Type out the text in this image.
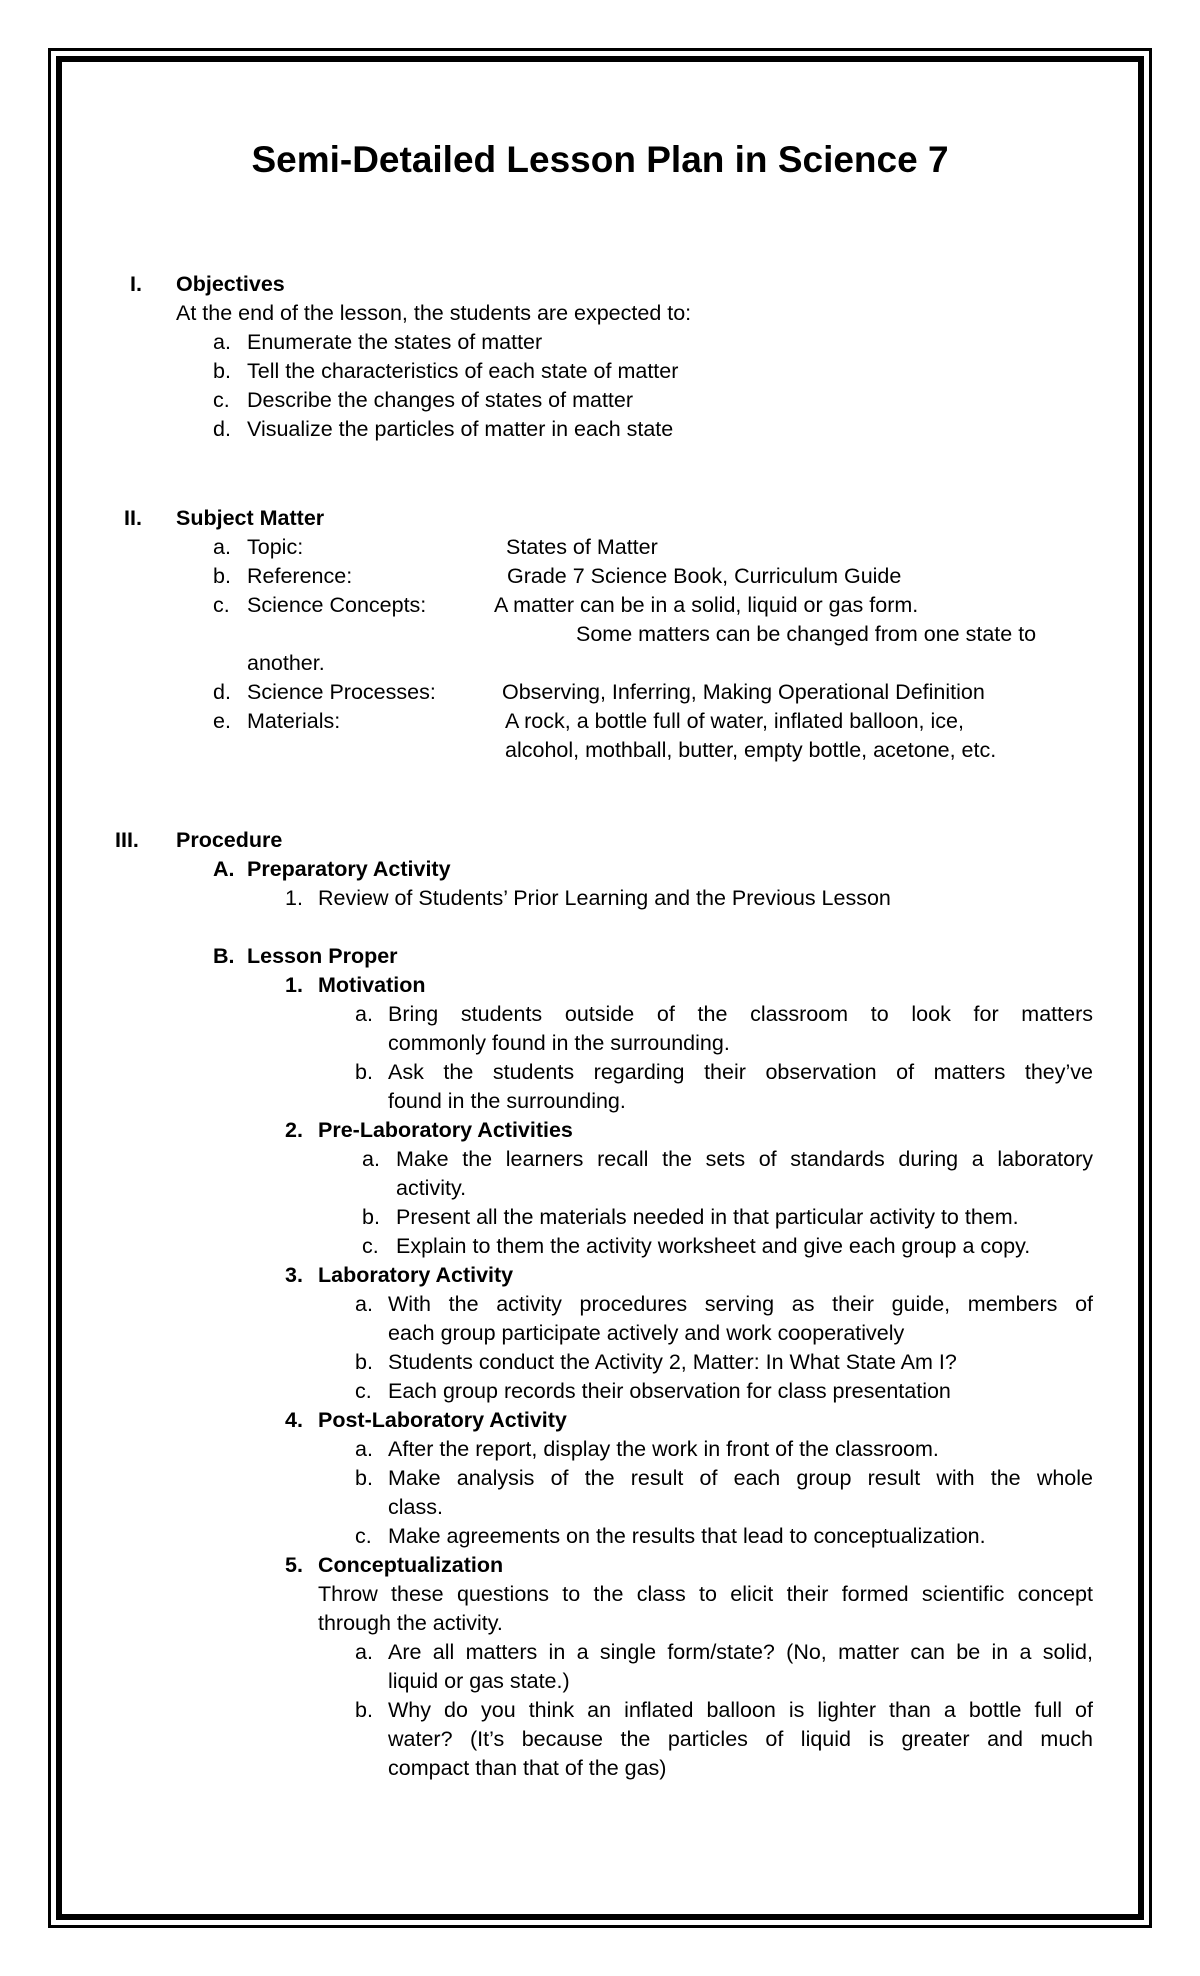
Semi-Detailed Lesson Plan in Science 7
I. Objectives
At the end of the lesson, the students are expected to:
a. Enumerate the states of matter
b. Tell the characteristics of each state of matter
c. Describe the changes of states of matter
d. Visualize the particles of matter in each state
II. Subject Matter
a. Topic:	States of Matter
b. Reference:	Grade 7 Science Book, Curriculum Guide
c. Science Concepts:	A matter can be in a solid, liquid or gas form.
Some matters can be changed from one state to
another.
d. Science Processes:	Observing, Inferring, Making Operational Definition
e. Materials:	A rock, a bottle full of water, inflated balloon, ice,
alcohol, mothball, butter, empty bottle, acetone, etc.
III. Procedure
A. Preparatory Activity
1. Review of Students’ Prior Learning and the Previous Lesson
B. Lesson Proper
1. Motivation
a. Bring students outside of the classroom to look for matters
commonly found in the surrounding.
b. Ask the students regarding their observation of matters they’ve
found in the surrounding.
2. Pre-Laboratory Activities
a. Make the learners recall the sets of standards during a laboratory
activity.
b. Present all the materials needed in that particular activity to them.
c. Explain to them the activity worksheet and give each group a copy.
3. Laboratory Activity
a. With the activity procedures serving as their guide, members of
each group participate actively and work cooperatively
b. Students conduct the Activity 2, Matter: In What State Am I?
c. Each group records their observation for class presentation
4. Post-Laboratory Activity
a. After the report, display the work in front of the classroom.
b. Make analysis of the result of each group result with the whole
class.
c. Make agreements on the results that lead to conceptualization.
5. Conceptualization
Throw these questions to the class to elicit their formed scientific concept
through the activity.
a. Are all matters in a single form/state? (No, matter can be in a solid,
liquid or gas state.)
b. Why do you think an inflated balloon is lighter than a bottle full of
water? (It’s because the particles of liquid is greater and much
compact than that of the gas)
